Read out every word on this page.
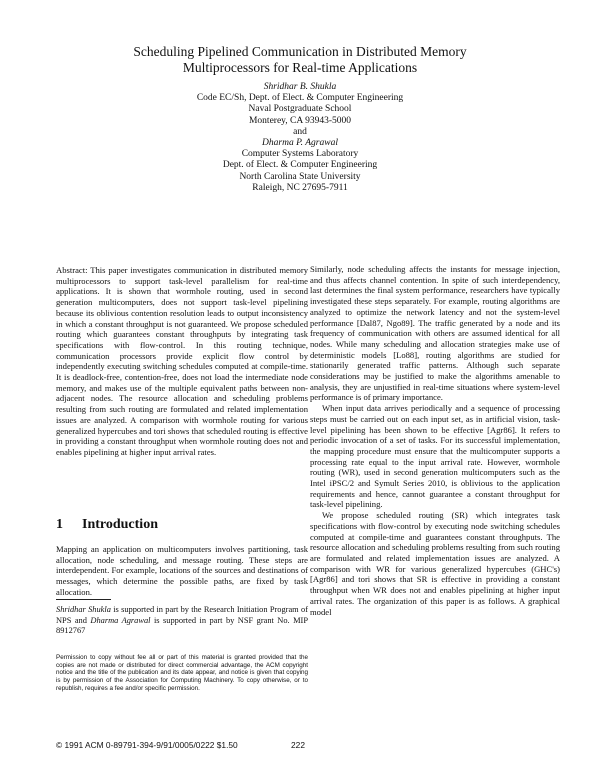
Scheduling Pipelined Communication in Distributed Memory
Multiprocessors for Real-time Applications
Shridhar B. Shukla
Code EC/Sh, Dept. of Elect. & Computer Engineering
Naval Postgraduate School
Monterey, CA 93943-5000
and
Dharma P. Agrawal
Computer Systems Laboratory
Dept. of Elect. & Computer Engineering
North Carolina State University
Raleigh, NC 27695-7911

Abstract: This paper investigates communication in distributed memory multiprocessors to support task-level parallelism for real-time applications. It is shown that wormhole routing, used in second generation multicomputers, does not support task-level pipelining because its oblivious contention resolution leads to output inconsistency in which a constant throughput is not guaranteed. We propose scheduled routing which guarantees constant throughputs by integrating task specifications with flow-control. In this routing technique, communication processors provide explicit flow control by independently executing switching schedules computed at compile-time. It is deadlock-free, contention-free, does not load the intermediate node memory, and makes use of the multiple equivalent paths between non-adjacent nodes. The resource allocation and scheduling problems resulting from such routing are formulated and related implementation issues are analyzed. A comparison with wormhole routing for various generalized hypercubes and tori shows that scheduled routing is effective in providing a constant throughput when wormhole routing does not and enables pipelining at higher input arrival rates.

1 Introduction

Mapping an application on multicomputers involves partitioning, task allocation, node scheduling, and message routing. These steps are interdependent. For example, locations of the sources and destinations of messages, which determine the possible paths, are fixed by task allocation.

Shridhar Shukla is supported in part by the Research Initiation Program of NPS and Dharma Agrawal is supported in part by NSF grant No. MIP 8912767

Permission to copy without fee all or part of this material is granted provided that the copies are not made or distributed for direct commercial advantage, the ACM copyright notice and the title of the publication and its date appear, and notice is given that copying is by permission of the Association for Computing Machinery. To copy otherwise, or to republish, requires a fee and/or specific permission.

Similarly, node scheduling affects the instants for message injection, and thus affects channel contention. In spite of such interdependency, last determines the final system performance, researchers have typically investigated these steps separately. For example, routing algorithms are analyzed to optimize the network latency and not the system-level performance [Dal87, Ngo89]. The traffic generated by a node and its frequency of communication with others are assumed identical for all nodes. While many scheduling and allocation strategies make use of deterministic models [Lo88], routing algorithms are studied for stationarily generated traffic patterns. Although such separate considerations may be justified to make the algorithms amenable to analysis, they are unjustified in real-time situations where system-level performance is of primary importance.

When input data arrives periodically and a sequence of processing steps must be carried out on each input set, as in artificial vision, task-level pipelining has been shown to be effective [Agr86]. It refers to periodic invocation of a set of tasks. For its successful implementation, the mapping procedure must ensure that the multicomputer supports a processing rate equal to the input arrival rate. However, wormhole routing (WR), used in second generation multicomputers such as the Intel iPSC/2 and Symult Series 2010, is oblivious to the application requirements and hence, cannot guarantee a constant throughput for task-level pipelining.

We propose scheduled routing (SR) which integrates task specifications with flow-control by executing node switching schedules computed at compile-time and guarantees constant throughputs. The resource allocation and scheduling problems resulting from such routing are formulated and related implementation issues are analyzed. A comparison with WR for various generalized hypercubes (GHC's) [Agr86] and tori shows that SR is effective in providing a constant throughput when WR does not and enables pipelining at higher input arrival rates. The organization of this paper is as follows. A graphical model

© 1991 ACM 0-89791-394-9/91/0005/0222 $1.50	222
